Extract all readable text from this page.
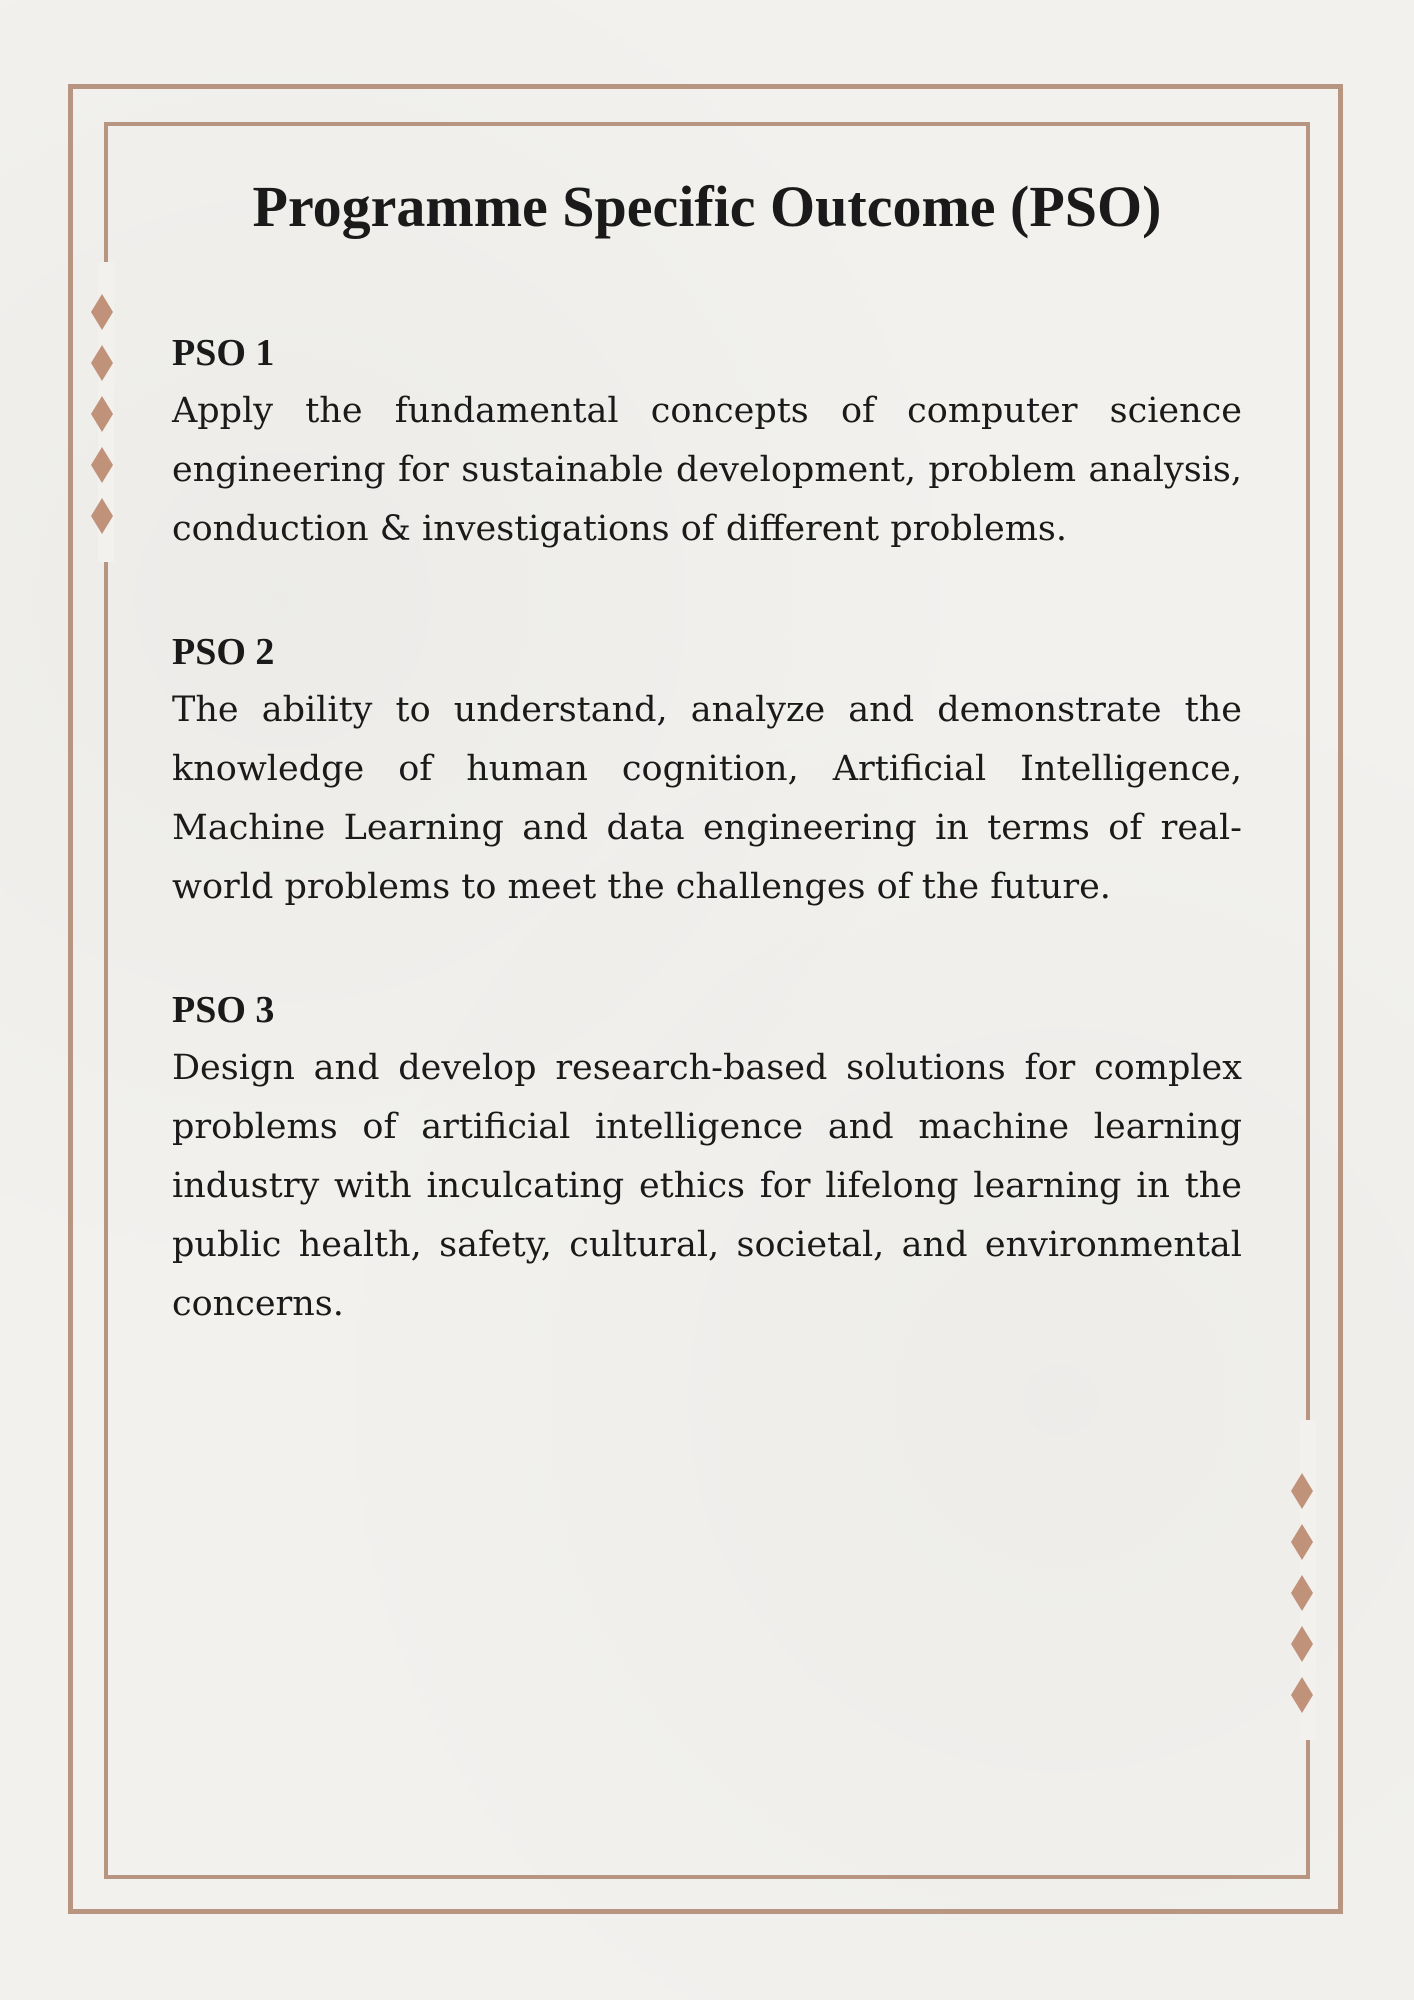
Programme Specific Outcome (PSO)

PSO 1

Apply the fundamental concepts of computer science engineering for sustainable development, problem analysis, conduction & investigations of different problems.

PSO 2

The ability to understand, analyze and demonstrate the knowledge of human cognition, Artificial Intelligence, Machine Learning and data engineering in terms of real-world problems to meet the challenges of the future.

PSO 3

Design and develop research-based solutions for complex problems of artificial intelligence and machine learning industry with inculcating ethics for lifelong learning in the public health, safety, cultural, societal, and environmental concerns.
